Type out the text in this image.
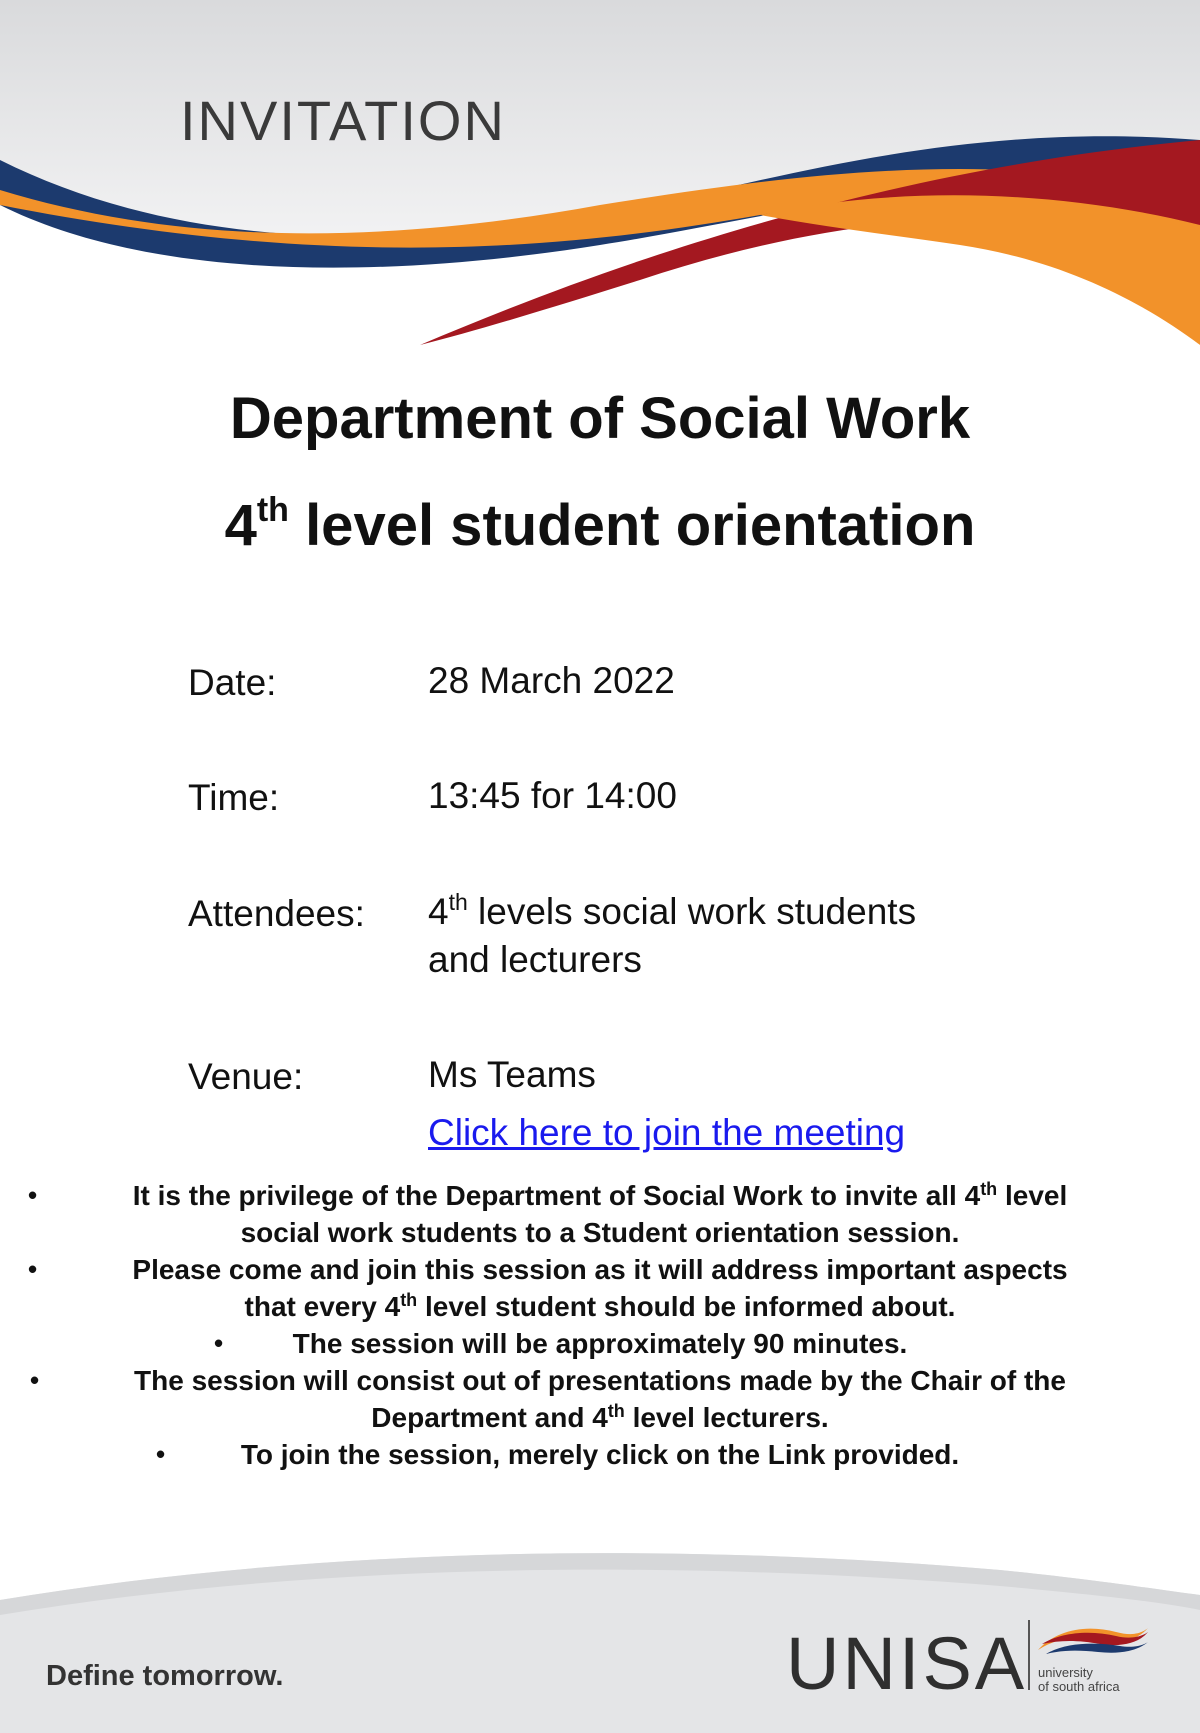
INVITATION
Department of Social Work
4th level student orientation
Date:	28 March 2022
Time:	13:45 for 14:00
Attendees: 4th levels social work students
and lecturers
Venue:	Ms Teams
Click here to join the meeting
•	It is the privilege of the Department of Social Work to invite all 4th level
social work students to a Student orientation session.
•	Please come and join this session as it will address important aspects
that every 4th level student should be informed about.
• The session will be approximately 90 minutes.
•	The session will consist out of presentations made by the Chair of the
Department and 4th level lecturers.
•	To join the session, merely click on the Link provided.
Define tomorrow.	UNISA university
of south africa
